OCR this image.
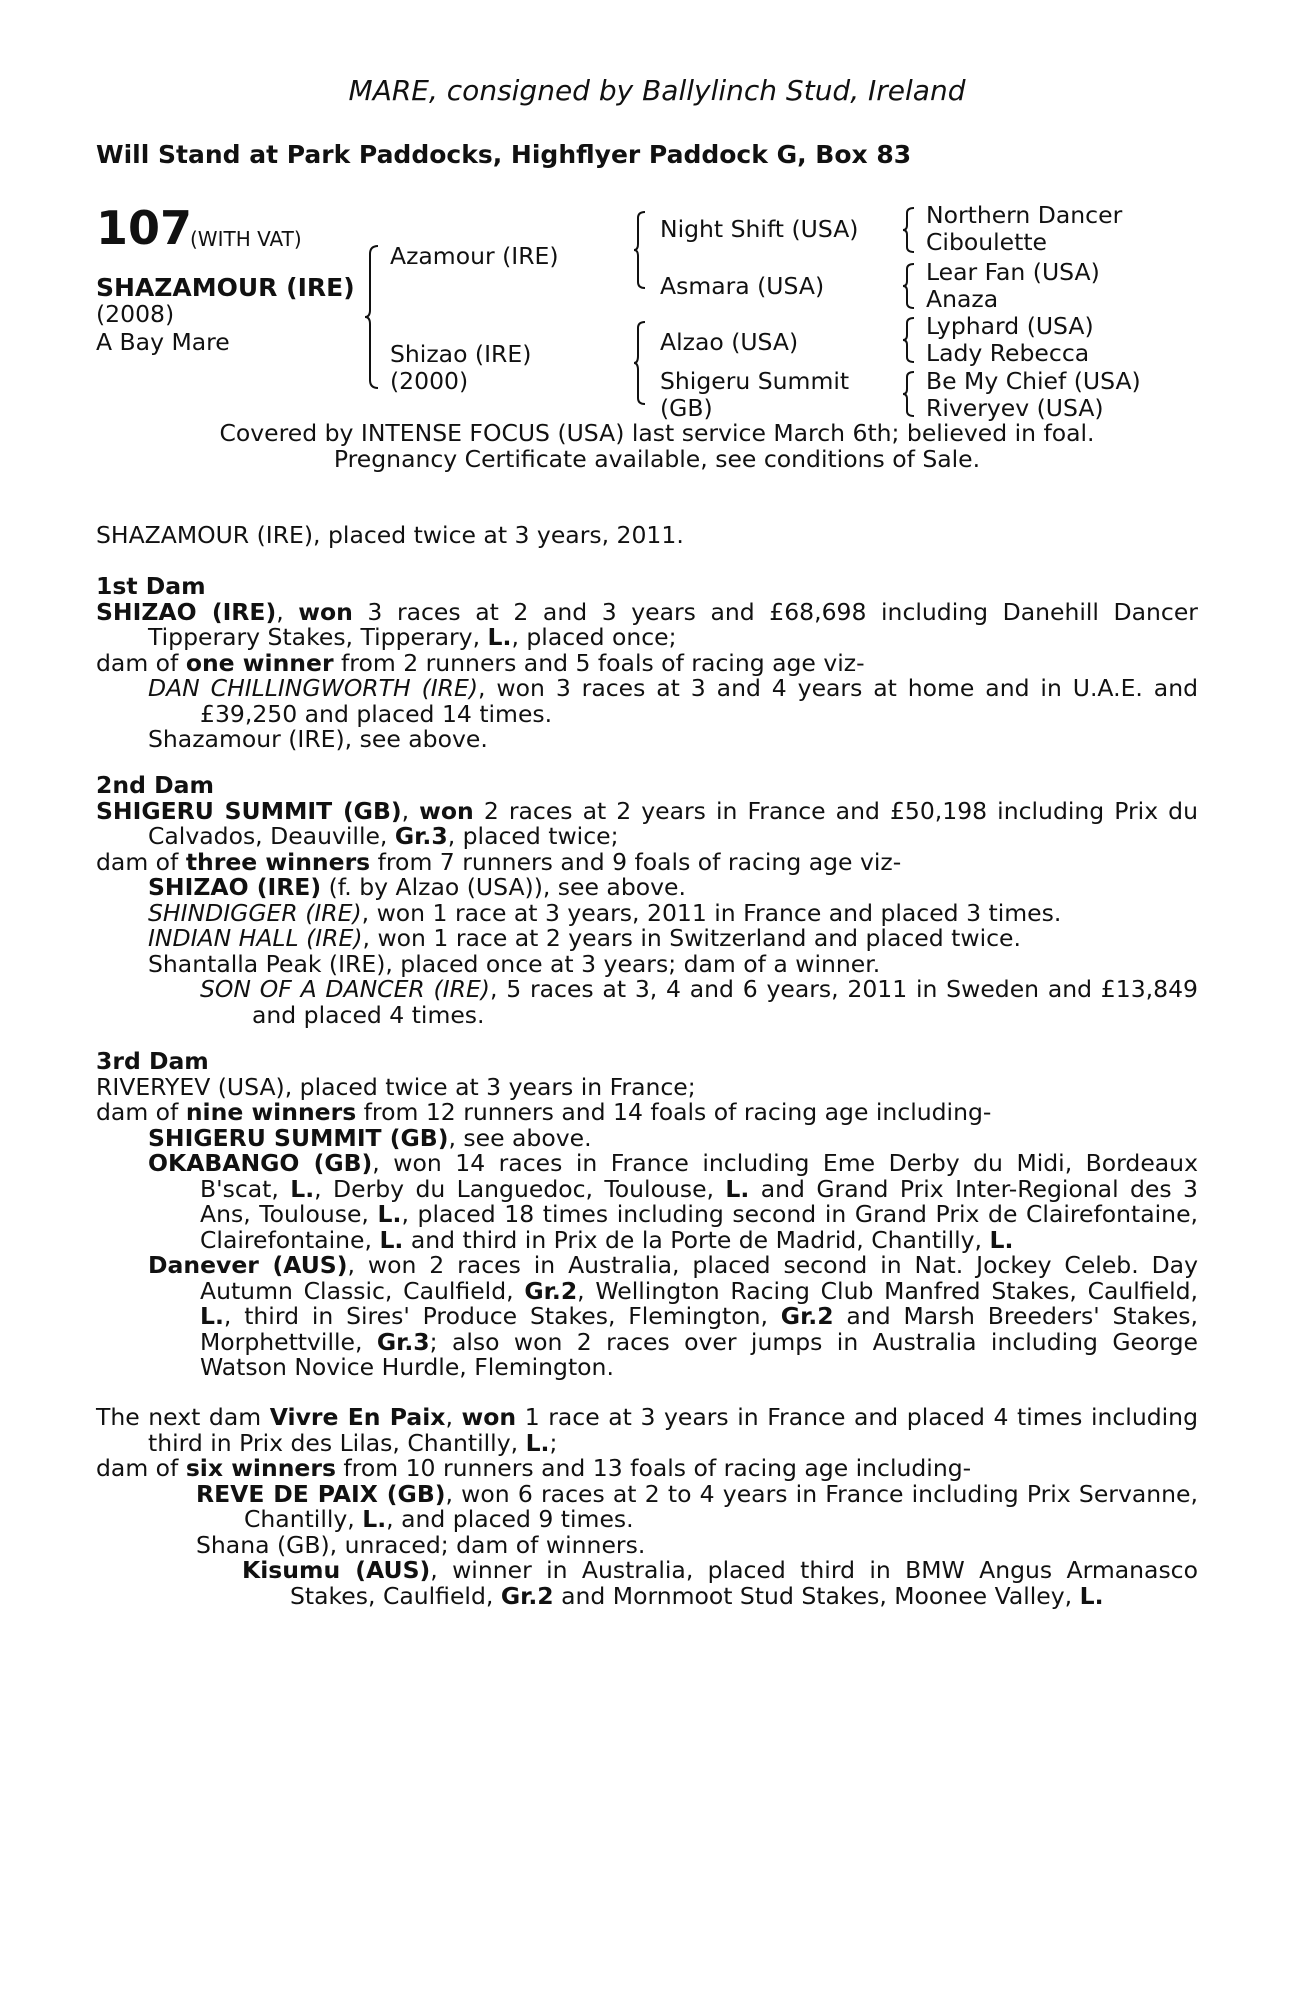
MARE, consigned by Ballylinch Stud, Ireland
Will Stand at Park Paddocks, Highflyer Paddock G, Box 83
107
(WITH VAT)
SHAZAMOUR (IRE)
(2008)
A Bay Mare
Azamour (IRE)
Shizao (IRE)
(2000)
Night Shift (USA)
Asmara (USA)
Alzao (USA)
Shigeru Summit
(GB)
Northern Dancer
Ciboulette
Lear Fan (USA)
Anaza
Lyphard (USA)
Lady Rebecca
Be My Chief (USA)
Riveryev (USA)
Covered by INTENSE FOCUS (USA) last service March 6th; believed in foal.
Pregnancy Certificate available, see conditions of Sale.
SHAZAMOUR (IRE), placed twice at 3 years, 2011.
1st Dam
SHIZAO (IRE), won 3 races at 2 and 3 years and £68,698 including Danehill Dancer Tipperary Stakes, Tipperary, L., placed once;
dam of one winner from 2 runners and 5 foals of racing age viz-
DAN CHILLINGWORTH (IRE), won 3 races at 3 and 4 years at home and in U.A.E. and £39,250 and placed 14 times.
Shazamour (IRE), see above.
2nd Dam
SHIGERU SUMMIT (GB), won 2 races at 2 years in France and £50,198 including Prix du Calvados, Deauville, Gr.3, placed twice;
dam of three winners from 7 runners and 9 foals of racing age viz-
SHIZAO (IRE) (f. by Alzao (USA)), see above.
SHINDIGGER (IRE), won 1 race at 3 years, 2011 in France and placed 3 times.
INDIAN HALL (IRE), won 1 race at 2 years in Switzerland and placed twice.
Shantalla Peak (IRE), placed once at 3 years; dam of a winner.
SON OF A DANCER (IRE), 5 races at 3, 4 and 6 years, 2011 in Sweden and £13,849 and placed 4 times.
3rd Dam
RIVERYEV (USA), placed twice at 3 years in France;
dam of nine winners from 12 runners and 14 foals of racing age including-
SHIGERU SUMMIT (GB), see above.
OKABANGO (GB), won 14 races in France including Eme Derby du Midi, Bordeaux B'scat, L., Derby du Languedoc, Toulouse, L. and Grand Prix Inter-Regional des 3 Ans, Toulouse, L., placed 18 times including second in Grand Prix de Clairefontaine, Clairefontaine, L. and third in Prix de la Porte de Madrid, Chantilly, L.
Danever (AUS), won 2 races in Australia, placed second in Nat. Jockey Celeb. Day Autumn Classic, Caulfield, Gr.2, Wellington Racing Club Manfred Stakes, Caulfield, L., third in Sires' Produce Stakes, Flemington, Gr.2 and Marsh Breeders' Stakes, Morphettville, Gr.3; also won 2 races over jumps in Australia including George Watson Novice Hurdle, Flemington.
The next dam Vivre En Paix, won 1 race at 3 years in France and placed 4 times including third in Prix des Lilas, Chantilly, L.;
dam of six winners from 10 runners and 13 foals of racing age including-
REVE DE PAIX (GB), won 6 races at 2 to 4 years in France including Prix Servanne, Chantilly, L., and placed 9 times.
Shana (GB), unraced; dam of winners.
Kisumu (AUS), winner in Australia, placed third in BMW Angus Armanasco Stakes, Caulfield, Gr.2 and Mornmoot Stud Stakes, Moonee Valley, L.
